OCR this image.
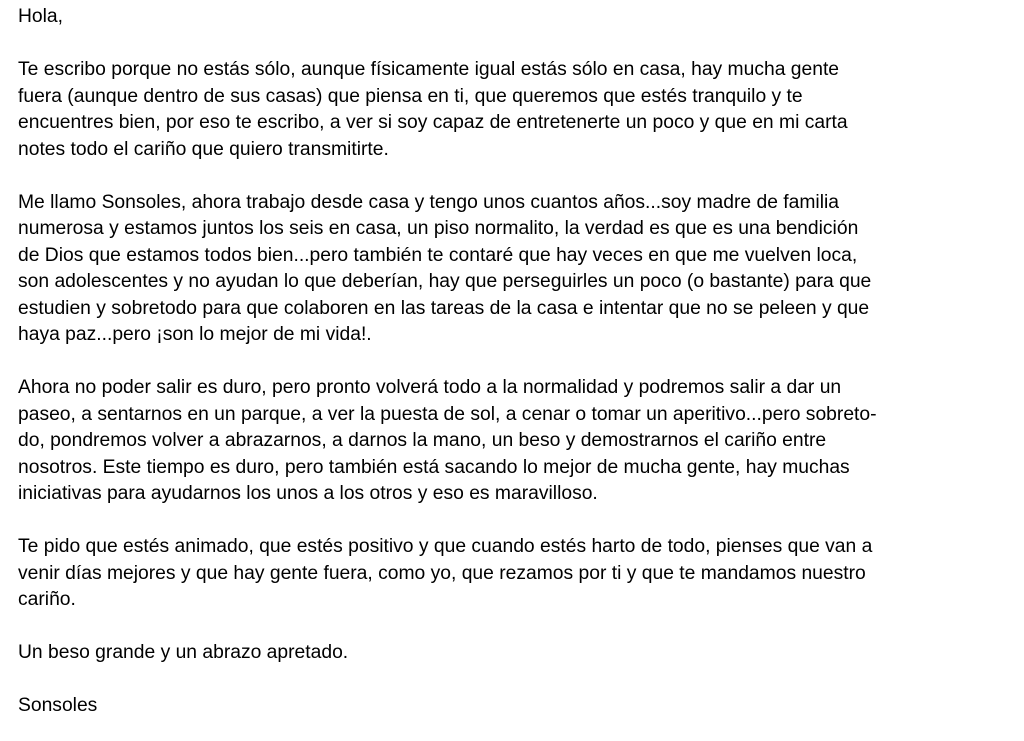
Hola,
Te escribo porque no estás sólo, aunque físicamente igual estás sólo en casa, hay mucha gente
fuera (aunque dentro de sus casas) que piensa en ti, que queremos que estés tranquilo y te
encuentres bien, por eso te escribo, a ver si soy capaz de entretenerte un poco y que en mi carta
notes todo el cariño que quiero transmitirte.
Me llamo Sonsoles, ahora trabajo desde casa y tengo unos cuantos años...soy madre de familia
numerosa y estamos juntos los seis en casa, un piso normalito, la verdad es que es una bendición
de Dios que estamos todos bien...pero también te contaré que hay veces en que me vuelven loca,
son adolescentes y no ayudan lo que deberían, hay que perseguirles un poco (o bastante) para que
estudien y sobretodo para que colaboren en las tareas de la casa e intentar que no se peleen y que
haya paz...pero ¡son lo mejor de mi vida!.
Ahora no poder salir es duro, pero pronto volverá todo a la normalidad y podremos salir a dar un
paseo, a sentarnos en un parque, a ver la puesta de sol, a cenar o tomar un aperitivo...pero sobreto-
do, pondremos volver a abrazarnos, a darnos la mano, un beso y demostrarnos el cariño entre
nosotros. Este tiempo es duro, pero también está sacando lo mejor de mucha gente, hay muchas
iniciativas para ayudarnos los unos a los otros y eso es maravilloso.
Te pido que estés animado, que estés positivo y que cuando estés harto de todo, pienses que van a
venir días mejores y que hay gente fuera, como yo, que rezamos por ti y que te mandamos nuestro
cariño.
Un beso grande y un abrazo apretado.
Sonsoles
